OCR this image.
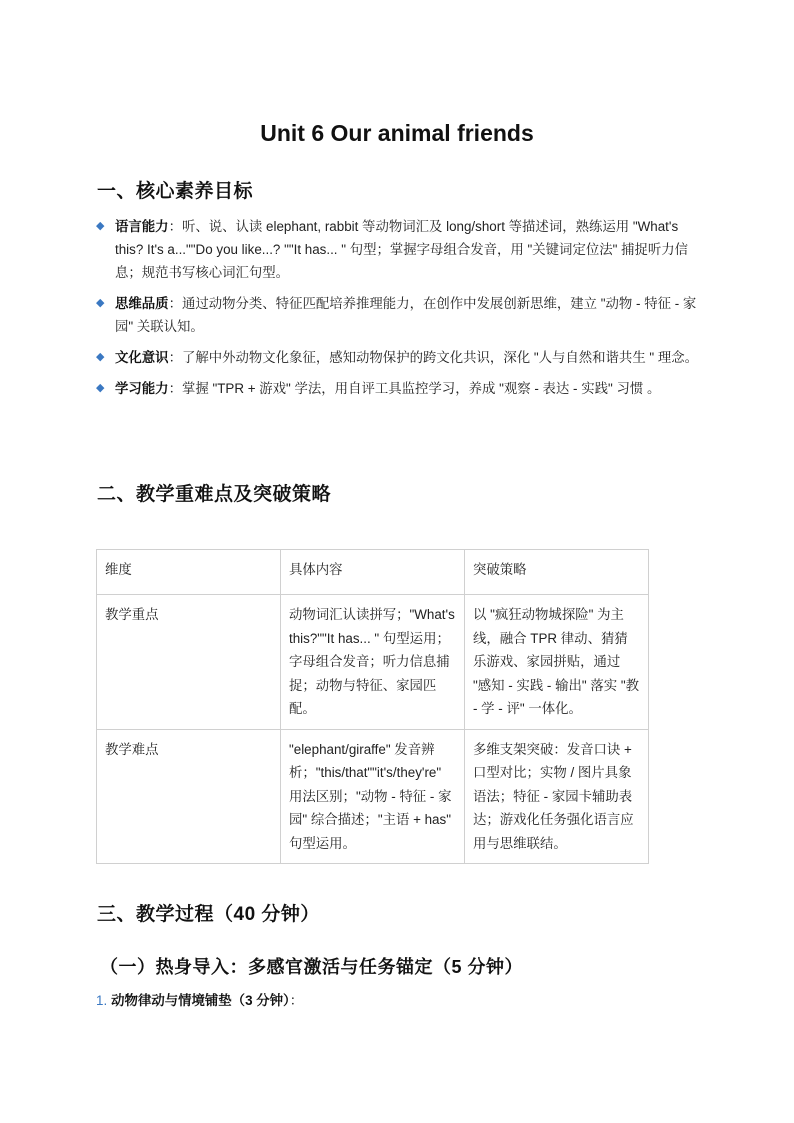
Unit 6 Our animal friends
一、核心素养目标
◆ 语言能力：听、说、认读 elephant, rabbit 等动物词汇及 long/short 等描述词，熟练运用 "What's this? It's a...""Do you like...? ""It has... " 句型；掌握字母组合发音，用 "关键词定位法" 捕捉听力信息；规范书写核心词汇句型。
◆ 思维品质：通过动物分类、特征匹配培养推理能力，在创作中发展创新思维，建立 "动物 - 特征 - 家园" 关联认知。
◆ 文化意识：了解中外动物文化象征，感知动物保护的跨文化共识，深化 "人与自然和谐共生 " 理念。
◆ 学习能力：掌握 "TPR + 游戏" 学法，用自评工具监控学习，养成 "观察 - 表达 - 实践" 习惯 。
二、教学重难点及突破策略
维度	具体内容	突破策略
教学重点	动物词汇认读拼写；"What's this?""It has... " 句型运用；字母组合发音；听力信息捕捉；动物与特征、家园匹配。	以 "疯狂动物城探险" 为主线，融合 TPR 律动、猜猜乐游戏、家园拼贴，通过 "感知 - 实践 - 输出" 落实 "教 - 学 - 评" 一体化。
教学难点	"elephant/giraffe" 发音辨析；"this/that""it's/they're" 用法区别；"动物 - 特征 - 家园" 综合描述；"主语 + has" 句型运用。	多维支架突破：发音口诀 + 口型对比；实物 / 图片具象语法；特征 - 家园卡辅助表达；游戏化任务强化语言应用与思维联结。
三、教学过程（40 分钟）
（一）热身导入：多感官激活与任务锚定（5 分钟）

1. 动物律动与情境铺垫（3 分钟）：
